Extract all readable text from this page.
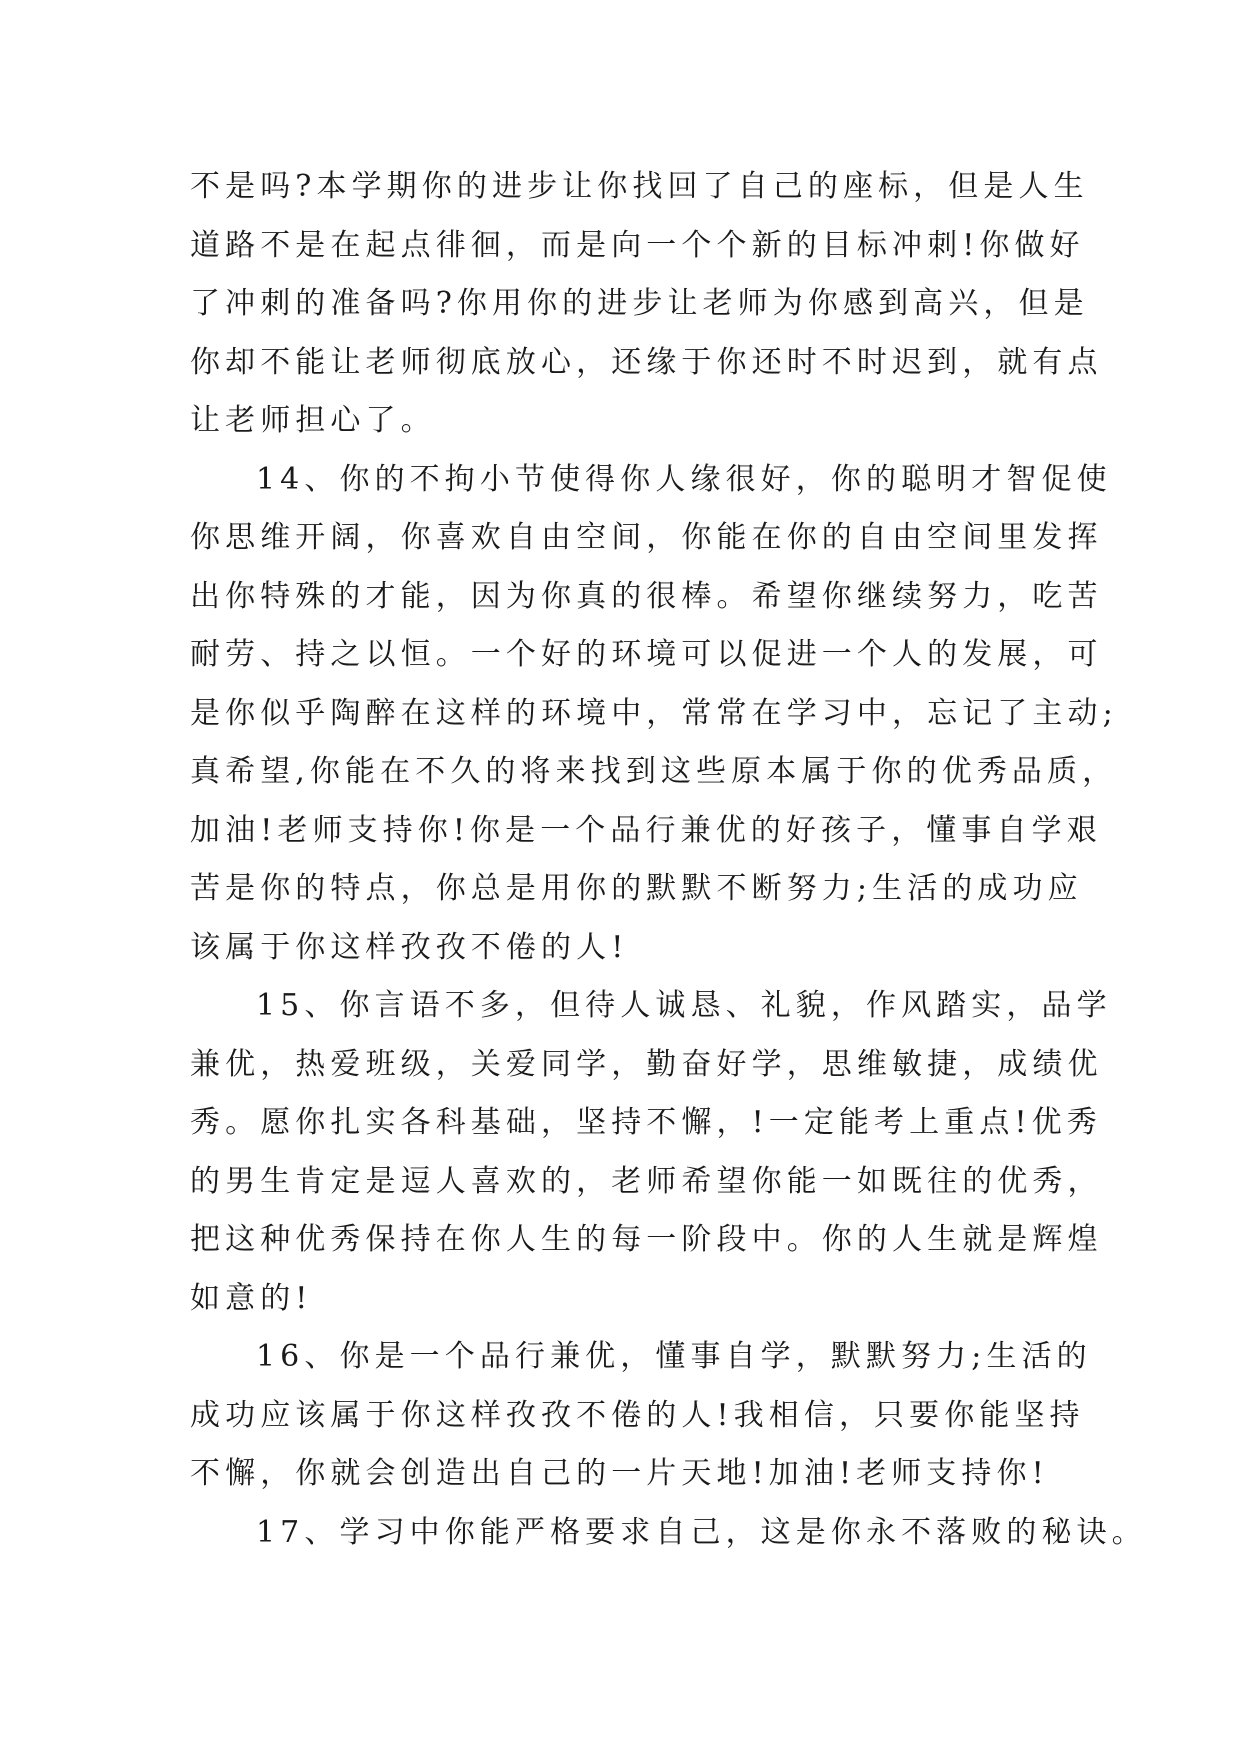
不是吗?本学期你的进步让你找回了自己的座标，但是人生
道路不是在起点徘徊，而是向一个个新的目标冲刺!你做好
了冲刺的准备吗?你用你的进步让老师为你感到高兴，但是
你却不能让老师彻底放心，还缘于你还时不时迟到，就有点
让老师担心了。
14、你的不拘小节使得你人缘很好，你的聪明才智促使
你思维开阔，你喜欢自由空间，你能在你的自由空间里发挥
出你特殊的才能，因为你真的很棒。希望你继续努力，吃苦
耐劳、持之以恒。一个好的环境可以促进一个人的发展，可
是你似乎陶醉在这样的环境中，常常在学习中，忘记了主动;
真希望,你能在不久的将来找到这些原本属于你的优秀品质，
加油!老师支持你!你是一个品行兼优的好孩子，懂事自学艰
苦是你的特点，你总是用你的默默不断努力;生活的成功应
该属于你这样孜孜不倦的人!
15、你言语不多，但待人诚恳、礼貌，作风踏实，品学
兼优，热爱班级，关爱同学，勤奋好学，思维敏捷，成绩优
秀。愿你扎实各科基础，坚持不懈，!一定能考上重点!优秀
的男生肯定是逗人喜欢的，老师希望你能一如既往的优秀，
把这种优秀保持在你人生的每一阶段中。你的人生就是辉煌
如意的!
16、你是一个品行兼优，懂事自学，默默努力;生活的
成功应该属于你这样孜孜不倦的人!我相信，只要你能坚持
不懈，你就会创造出自己的一片天地!加油!老师支持你!
17、学习中你能严格要求自己，这是你永不落败的秘诀。
